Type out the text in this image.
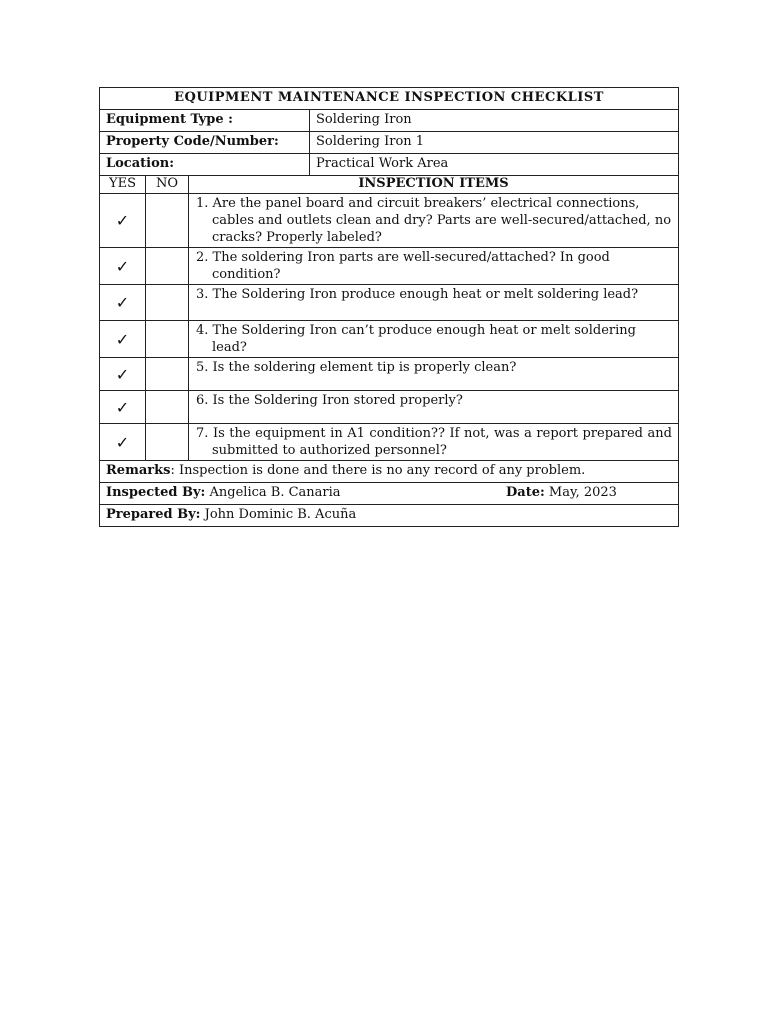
EQUIPMENT MAINTENANCE INSPECTION CHECKLIST			
Equipment Type :			Soldering Iron
Property Code/Number:			Soldering Iron 1
Location:			Practical Work Area
YES	NO	INSPECTION ITEMS	
✓		1. Are the panel board and circuit breakers’ electrical connections, cables and outlets clean and dry? Parts are well-secured/attached, no cracks? Properly labeled?	

✓		2. The soldering Iron parts are well-secured/attached? In good condition?	

✓		3. The Soldering Iron produce enough heat or melt soldering lead?	

✓		4. The Soldering Iron can’t produce enough heat or melt soldering lead?	

✓		5. Is the soldering element tip is properly clean?	

✓		6. Is the Soldering Iron stored properly?	

✓		7. Is the equipment in A1 condition?? If not, was a report prepared and submitted to authorized personnel?	

Remarks: Inspection is done and there is no any record of any problem.			

Inspected By: Angelica B. Canaria Date: May, 2023			

Prepared By: John Dominic B. Acuña			
